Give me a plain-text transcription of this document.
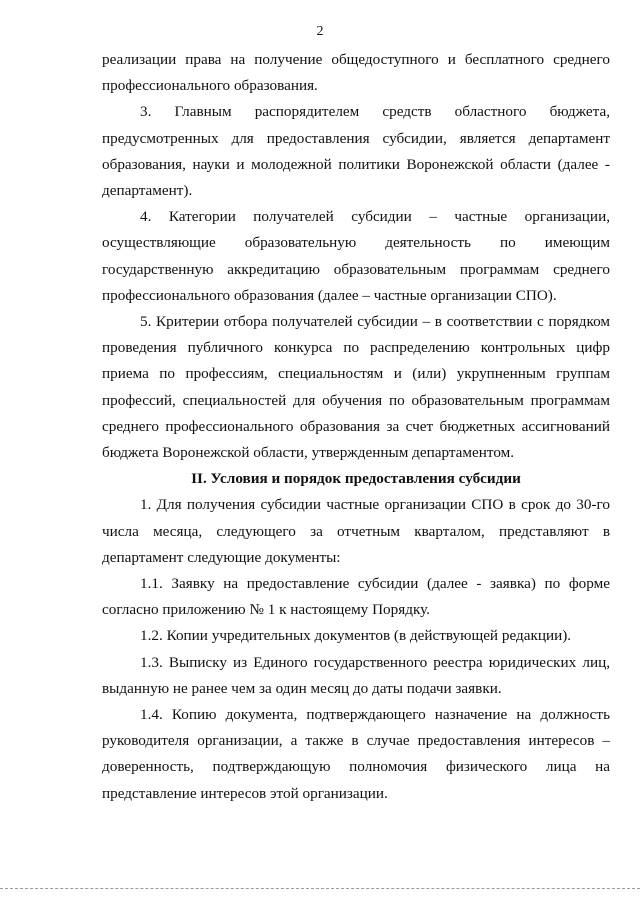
2

реализации права на получение общедоступного и бесплатного среднего профессионального образования.

3. Главным распорядителем средств областного бюджета, предусмотренных для предоставления субсидии, является департамент образования, науки и молодежной политики Воронежской области (далее - департамент).

4. Категории получателей субсидии – частные организации, осуществляющие образовательную деятельность по имеющим государственную аккредитацию образовательным программам среднего профессионального образования (далее – частные организации СПО).

5. Критерии отбора получателей субсидии – в соответствии с порядком проведения публичного конкурса по распределению контрольных цифр приема по профессиям, специальностям и (или) укрупненным группам профессий, специальностей для обучения по образовательным программам среднего профессионального образования за счет бюджетных ассигнований бюджета Воронежской области, утвержденным департаментом.

II. Условия и порядок предоставления субсидии

1. Для получения субсидии частные организации СПО в срок до 30-го числа месяца, следующего за отчетным кварталом, представляют в департамент следующие документы:

1.1. Заявку на предоставление субсидии (далее - заявка) по форме согласно приложению № 1 к настоящему Порядку.

1.2. Копии учредительных документов (в действующей редакции).

1.3. Выписку из Единого государственного реестра юридических лиц, выданную не ранее чем за один месяц до даты подачи заявки.

1.4. Копию документа, подтверждающего назначение на должность руководителя организации, а также в случае предоставления интересов – доверенность, подтверждающую полномочия физического лица на представление интересов этой организации.
